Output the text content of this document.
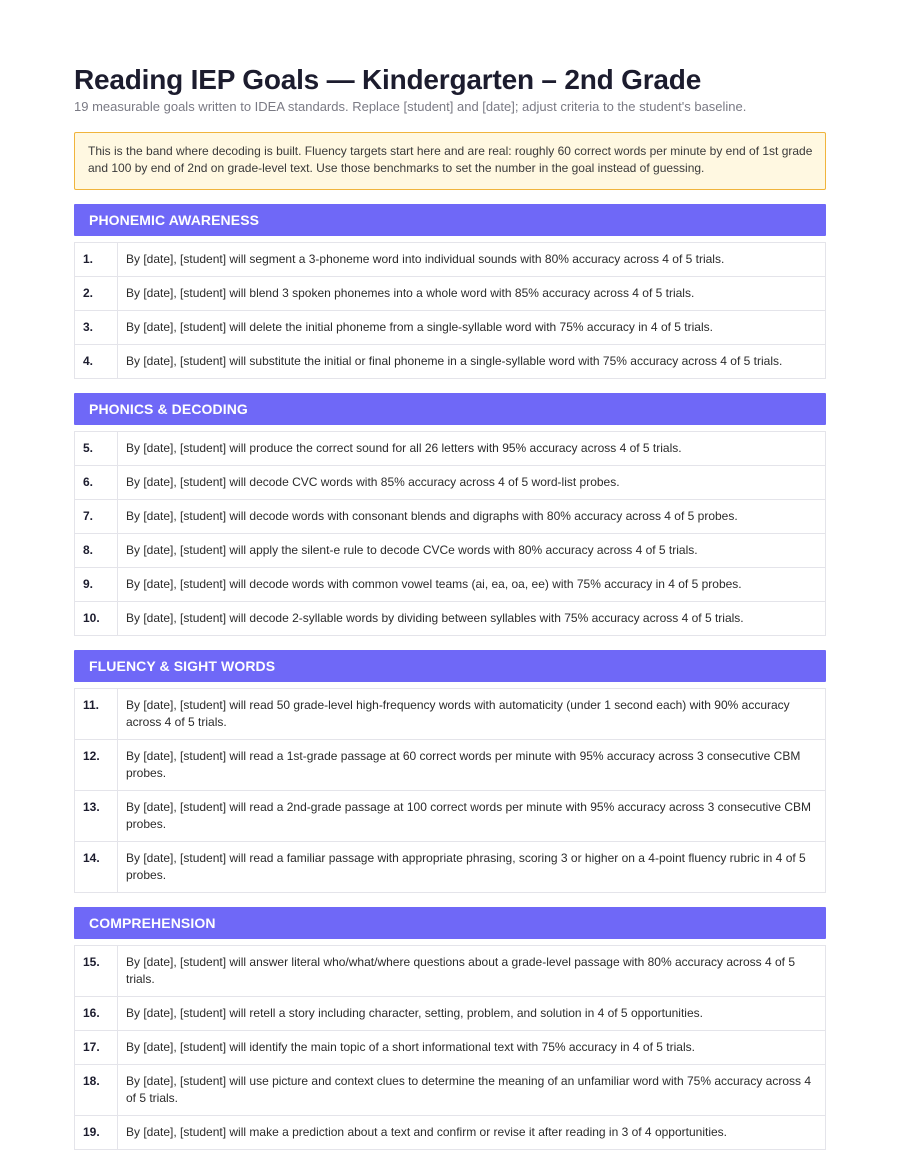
Reading IEP Goals — Kindergarten – 2nd Grade
19 measurable goals written to IDEA standards. Replace [student] and [date]; adjust criteria to the student's baseline.
This is the band where decoding is built. Fluency targets start here and are real: roughly 60 correct words per minute by end of 1st grade and 100 by end of 2nd on grade-level text. Use those benchmarks to set the number in the goal instead of guessing.
PHONEMIC AWARENESS
1.	By [date], [student] will segment a 3-phoneme word into individual sounds with 80% accuracy across 4 of 5 trials.
2.	By [date], [student] will blend 3 spoken phonemes into a whole word with 85% accuracy across 4 of 5 trials.
3.	By [date], [student] will delete the initial phoneme from a single-syllable word with 75% accuracy in 4 of 5 trials.
4.	By [date], [student] will substitute the initial or final phoneme in a single-syllable word with 75% accuracy across 4 of 5 trials.
PHONICS & DECODING
5.	By [date], [student] will produce the correct sound for all 26 letters with 95% accuracy across 4 of 5 trials.
6.	By [date], [student] will decode CVC words with 85% accuracy across 4 of 5 word-list probes.
7.	By [date], [student] will decode words with consonant blends and digraphs with 80% accuracy across 4 of 5 probes.
8.	By [date], [student] will apply the silent-e rule to decode CVCe words with 80% accuracy across 4 of 5 trials.
9.	By [date], [student] will decode words with common vowel teams (ai, ea, oa, ee) with 75% accuracy in 4 of 5 probes.
10.	By [date], [student] will decode 2-syllable words by dividing between syllables with 75% accuracy across 4 of 5 trials.
FLUENCY & SIGHT WORDS
11.	By [date], [student] will read 50 grade-level high-frequency words with automaticity (under 1 second each) with 90% accuracy across 4 of 5 trials.
12.	By [date], [student] will read a 1st-grade passage at 60 correct words per minute with 95% accuracy across 3 consecutive CBM probes.
13.	By [date], [student] will read a 2nd-grade passage at 100 correct words per minute with 95% accuracy across 3 consecutive CBM probes.
14.	By [date], [student] will read a familiar passage with appropriate phrasing, scoring 3 or higher on a 4-point fluency rubric in 4 of 5 probes.
COMPREHENSION
15.	By [date], [student] will answer literal who/what/where questions about a grade-level passage with 80% accuracy across 4 of 5 trials.
16.	By [date], [student] will retell a story including character, setting, problem, and solution in 4 of 5 opportunities.
17.	By [date], [student] will identify the main topic of a short informational text with 75% accuracy in 4 of 5 trials.
18.	By [date], [student] will use picture and context clues to determine the meaning of an unfamiliar word with 75% accuracy across 4 of 5 trials.
19.	By [date], [student] will make a prediction about a text and confirm or revise it after reading in 3 of 4 opportunities.
